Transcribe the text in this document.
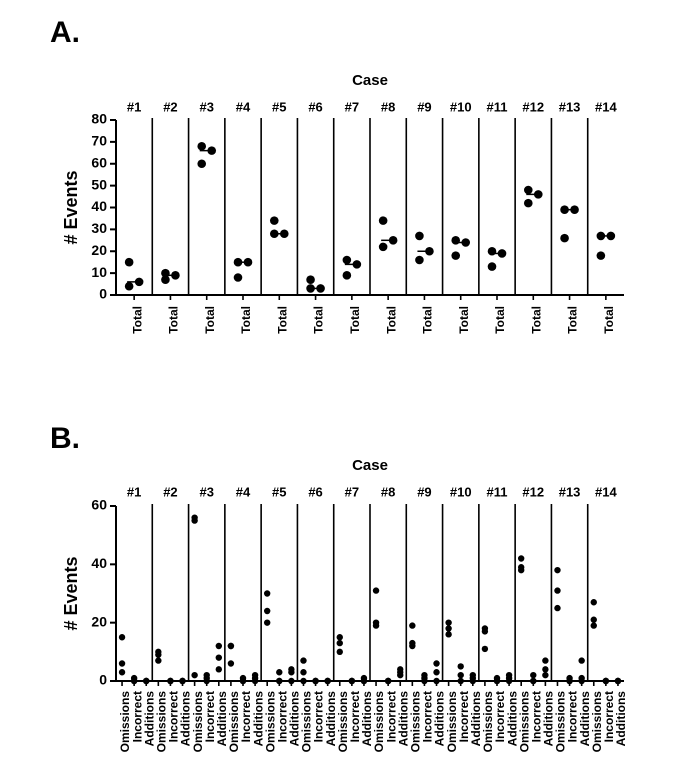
A.
Case
# Events
0
10
20
30
40
50
60
70
80
#1
Total
#2
Total
#3
Total
#4
Total
#5
Total
#6
Total
#7
Total
#8
Total
#9
Total
#10
Total
#11
Total
#12
Total
#13
Total
#14
Total
B.
Case
# Events
0
20
40
60
#1
Omissions
Incorrect
Additions
#2
Omissions
Incorrect
Additions
#3
Omissions
Incorrect
Additions
#4
Omissions
Incorrect
Additions
#5
Omissions
Incorrect
Additions
#6
Omissions
Incorrect
Additions
#7
Omissions
Incorrect
Additions
#8
Omissions
Incorrect
Additions
#9
Omissions
Incorrect
Additions
#10
Omissions
Incorrect
Additions
#11
Omissions
Incorrect
Additions
#12
Omissions
Incorrect
Additions
#13
Omissions
Incorrect
Additions
#14
Omissions
Incorrect
Additions
